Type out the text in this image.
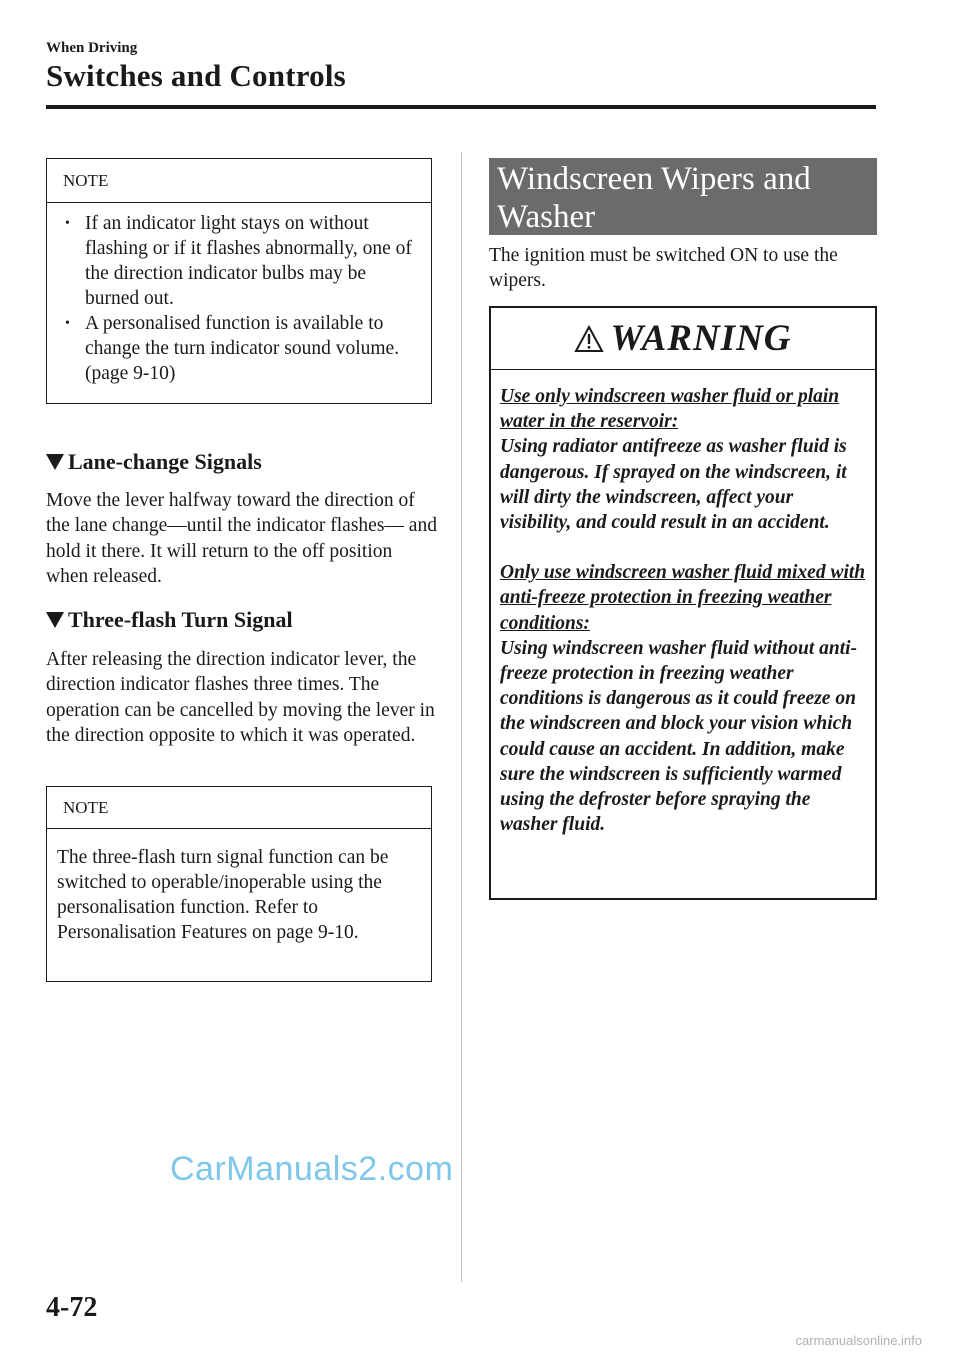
When Driving
Switches and Controls
NOTE
• If an indicator light stays on without flashing or if it flashes abnormally, one of the direction indicator bulbs may be burned out.
• A personalised function is available to change the turn indicator sound volume. (page 9-10)
Lane-change Signals
Move the lever halfway toward the direction of the lane change—until the indicator flashes— and hold it there. It will return to the off position when released.
Three-flash Turn Signal
After releasing the direction indicator lever, the direction indicator flashes three times. The operation can be cancelled by moving the lever in the direction opposite to which it was operated.
NOTE
The three-flash turn signal function can be switched to operable/inoperable using the personalisation function. Refer to Personalisation Features on page 9-10.
Windscreen Wipers and Washer
The ignition must be switched ON to use the wipers.
WARNING

Use only windscreen washer fluid or plain water in the reservoir:

Using radiator antifreeze as washer fluid is dangerous. If sprayed on the windscreen, it will dirty the windscreen, affect your visibility, and could result in an accident.

Only use windscreen washer fluid mixed with anti-freeze protection in freezing weather conditions:

Using windscreen washer fluid without anti-freeze protection in freezing weather conditions is dangerous as it could freeze on the windscreen and block your vision which could cause an accident. In addition, make sure the windscreen is sufficiently warmed using the defroster before spraying the washer fluid.

CarManuals2.com
4-72
carmanualsonline.info
